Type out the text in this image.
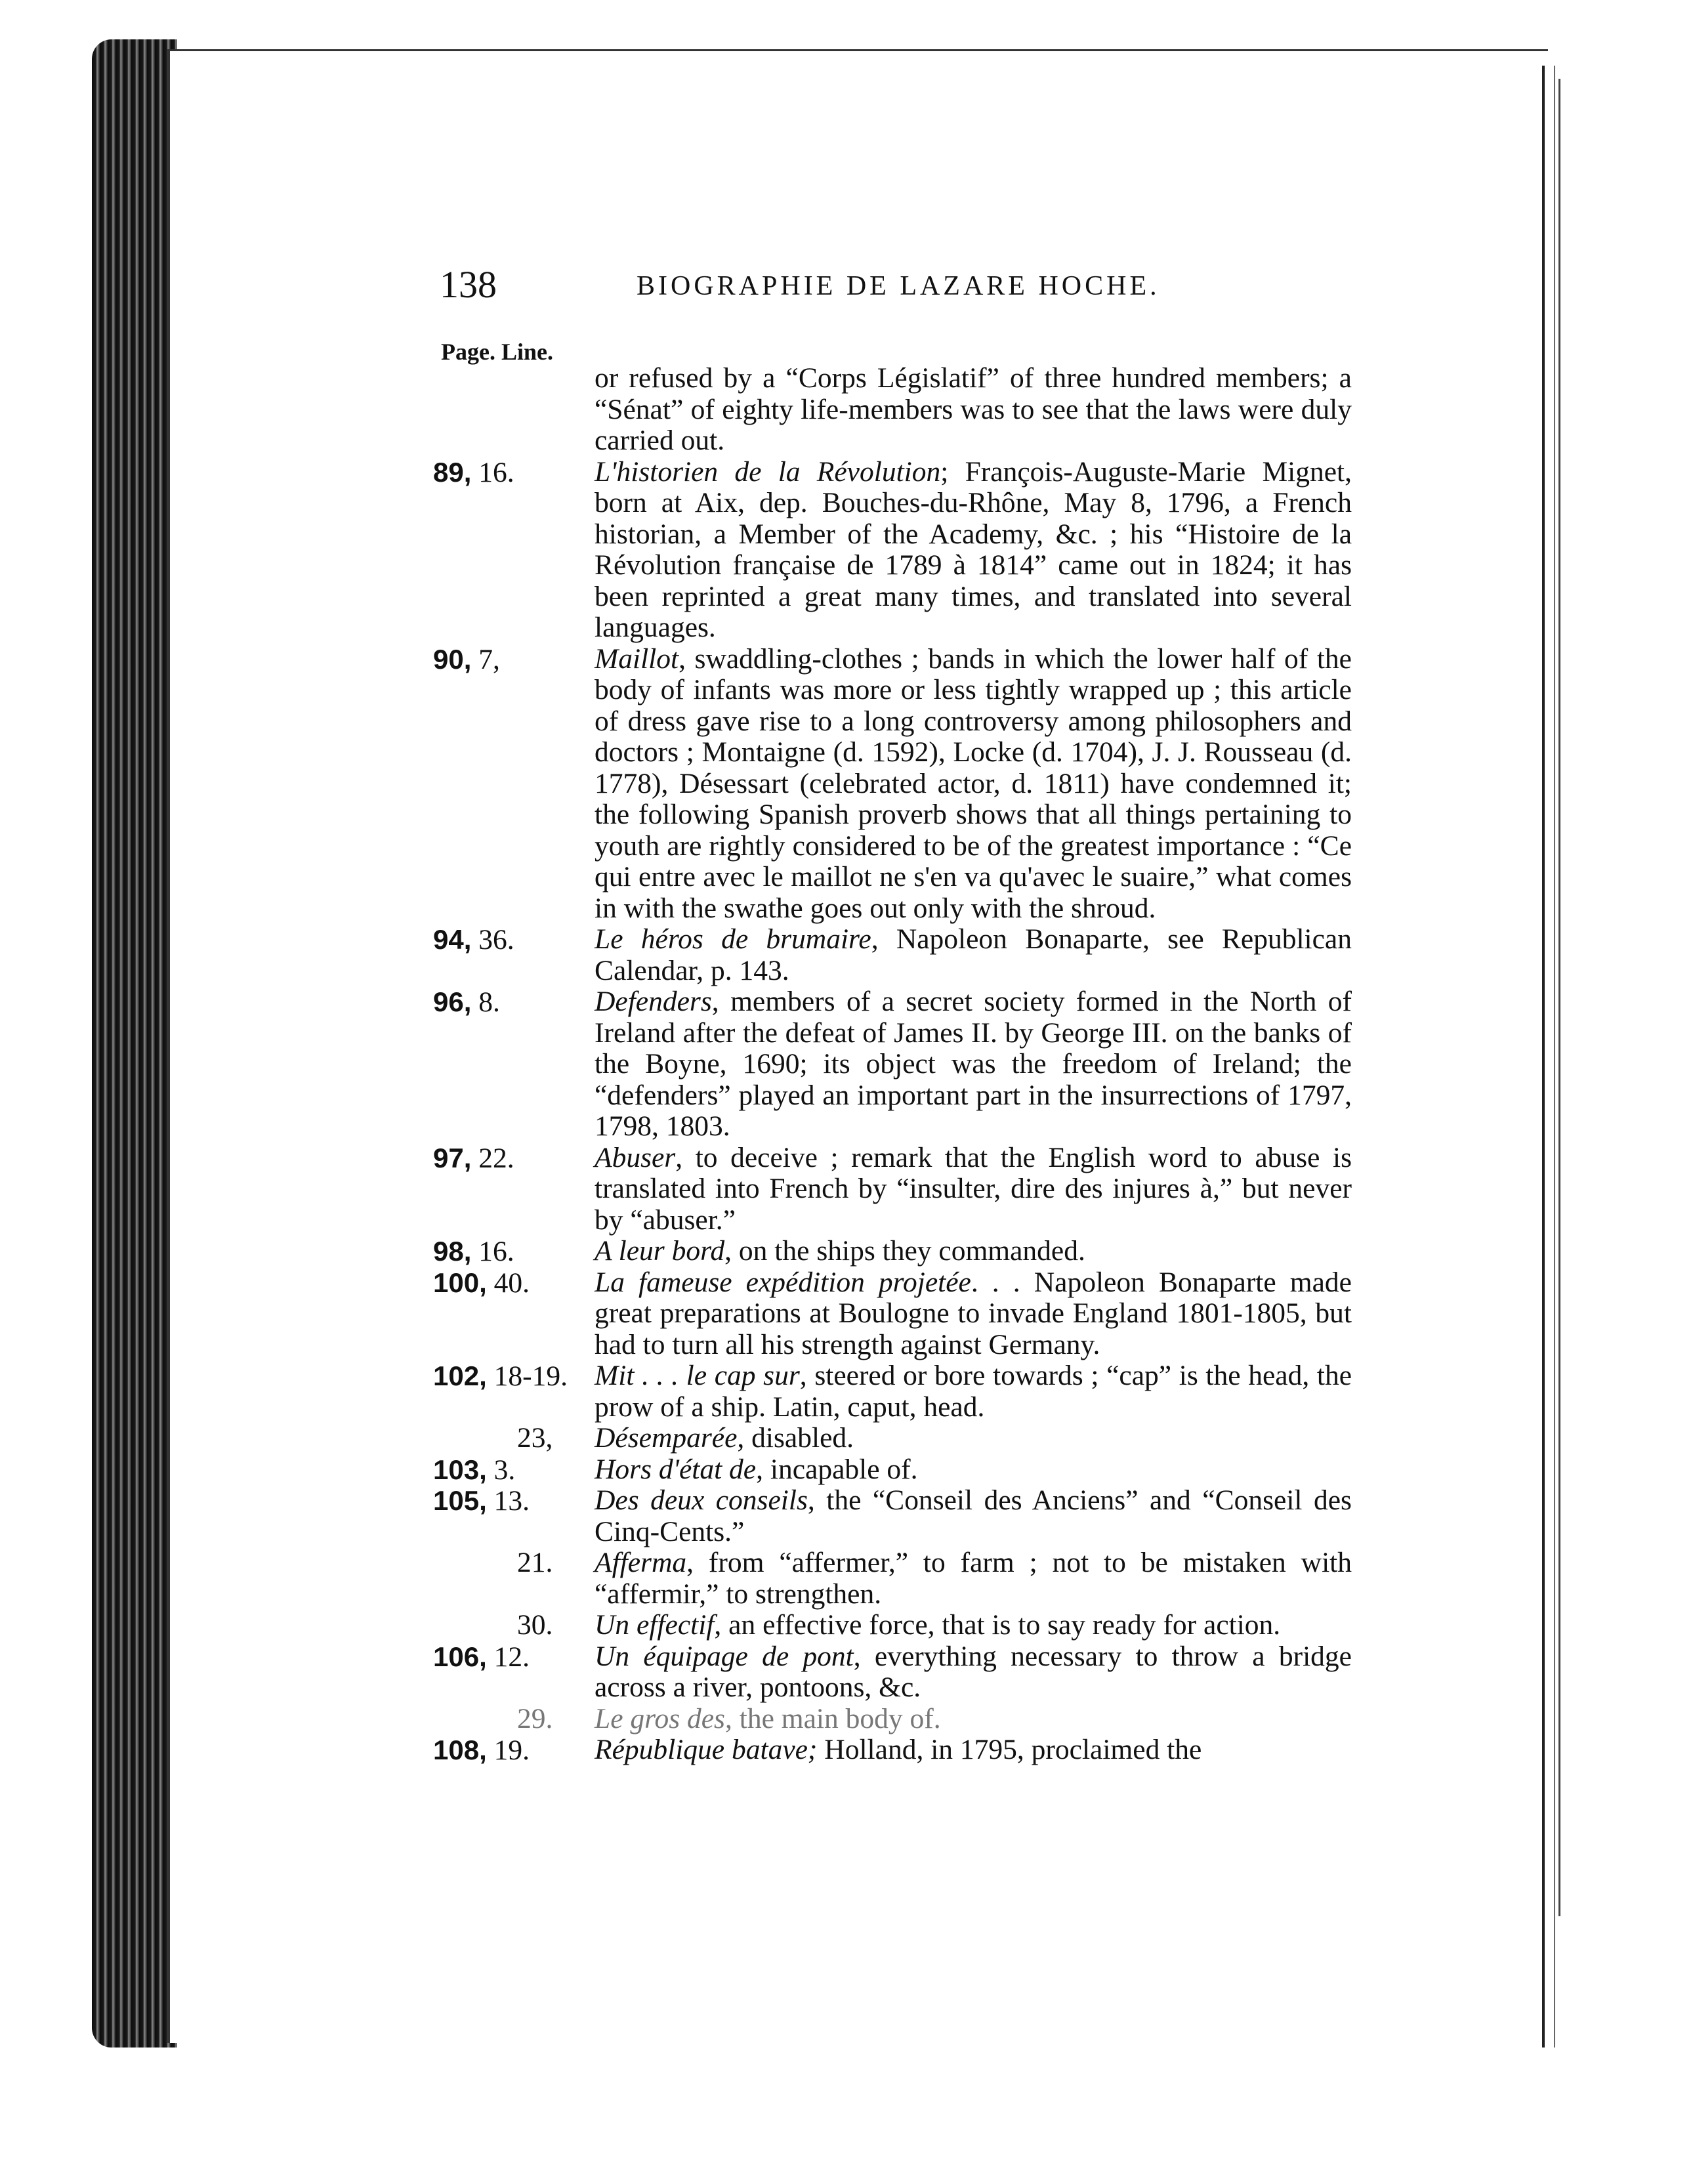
138	BIOGRAPHIE DE LAZARE HOCHE.
Page. Line.
or refused by a “Corps Législatif” of three hundred members; a “Sénat” of eighty life-members was to see that the laws were duly carried out.
89, 16.	L'historien de la Révolution; François-Auguste-Marie Mignet, born at Aix, dep. Bouches-du-Rhône, May 8, 1796, a French historian, a Member of the Academy, &c. ; his “Histoire de la Révolution française de 1789 à 1814” came out in 1824; it has been reprinted a great many times, and translated into several languages.
90, 7,	Maillot, swaddling-clothes ; bands in which the lower half of the body of infants was more or less tightly wrapped up ; this article of dress gave rise to a long controversy among philosophers and doctors ; Montaigne (d. 1592), Locke (d. 1704), J. J. Rousseau (d. 1778), Désessart (celebrated actor, d. 1811) have condemned it; the following Spanish proverb shows that all things pertaining to youth are rightly considered to be of the greatest importance : “Ce qui entre avec le maillot ne s'en va qu'avec le suaire,” what comes in with the swathe goes out only with the shroud.
94, 36.	Le héros de brumaire, Napoleon Bonaparte, see Republican Calendar, p. 143.
96, 8.	Defenders, members of a secret society formed in the North of Ireland after the defeat of James II. by George III. on the banks of the Boyne, 1690; its object was the freedom of Ireland; the “defenders” played an important part in the insurrections of 1797, 1798, 1803.
97, 22.	Abuser, to deceive ; remark that the English word to abuse is translated into French by “insulter, dire des injures à,” but never by “abuser.”
98, 16.	A leur bord, on the ships they commanded.
100, 40. La fameuse expédition projetée. . . Napoleon Bonaparte made great preparations at Boulogne to invade England 1801-1805, but had to turn all his strength against Germany.
102, 18-19. Mit . . . le cap sur, steered or bore towards ; “cap” is the head, the prow of a ship. Latin, caput, head.
23, Désemparée, disabled.
103, 3.	Hors d'état de, incapable of.
105, 13. Des deux conseils, the “Conseil des Anciens” and “Conseil des Cinq-Cents.”
21. Afferma, from “affermer,” to farm ; not to be mistaken with “affermir,” to strengthen.
30. Un effectif, an effective force, that is to say ready for action.
106, 12. Un équipage de pont, everything necessary to throw a bridge across a river, pontoons, &c.
29. Le gros des, the main body of.
108, 19. République batave; Holland, in 1795, proclaimed the
